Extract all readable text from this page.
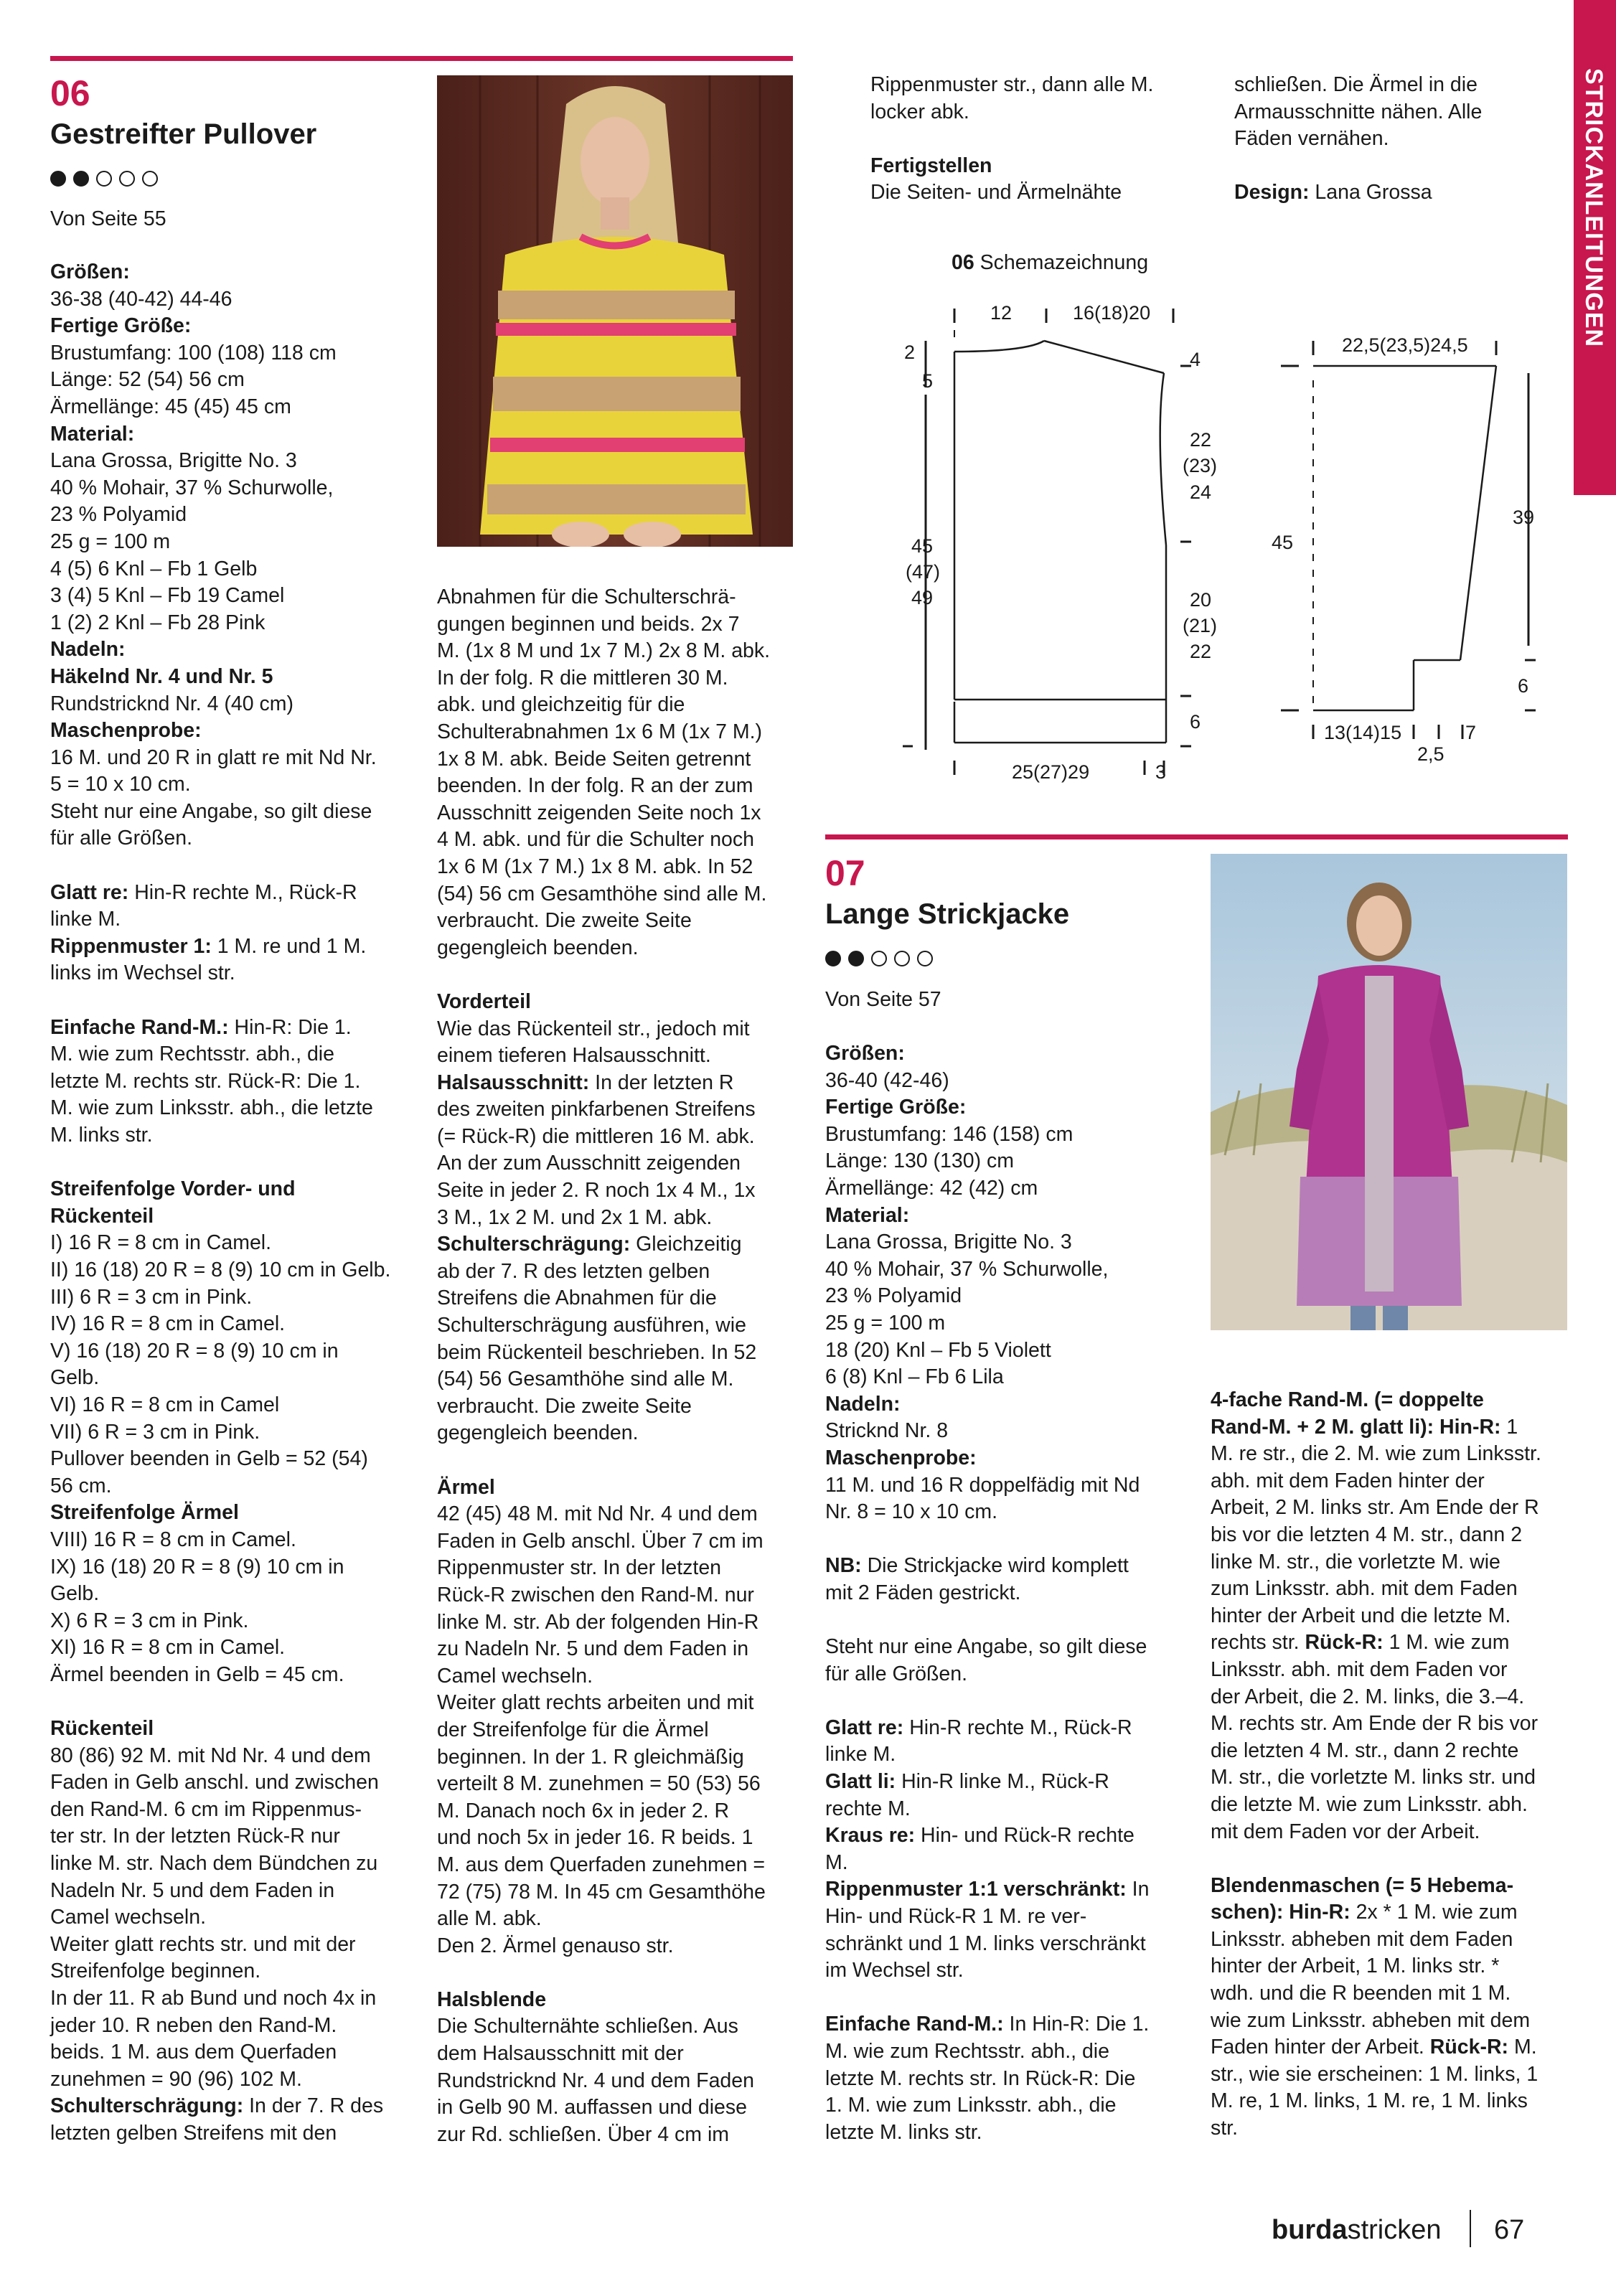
STRICKANLEITUNGEN
06
Gestreifter Pullover
Von Seite 55

Größen:

36-38 (40-42) 44-46

Fertige Größe:

Brustumfang: 100 (108) 118 cm

Länge: 52 (54) 56 cm

Ärmellänge: 45 (45) 45 cm

Material:

Lana Grossa, Brigitte No. 3

40 % Mohair, 37 % Schurwolle,

23 % Polyamid

25 g = 100 m

4 (5) 6 Knl – Fb 1 Gelb

3 (4) 5 Knl – Fb 19 Camel

1 (2) 2 Knl – Fb 28 Pink

Nadeln:

Häkelnd Nr. 4 und Nr. 5

Rundstricknd Nr. 4 (40 cm)

Maschenprobe:

16 M. und 20 R in glatt re mit Nd Nr.

5 = 10 x 10 cm.

Steht nur eine Angabe, so gilt diese

für alle Größen.

Glatt re: Hin-R rechte M., Rück-R

linke M.

Rippenmuster 1: 1 M. re und 1 M.

links im Wechsel str.

Einfache Rand-M.: Hin-R: Die 1.

M. wie zum Rechtsstr. abh., die

letzte M. rechts str. Rück-R: Die 1.

M. wie zum Linksstr. abh., die letzte

M. links str.

Streifenfolge Vorder- und

Rückenteil

I) 16 R = 8 cm in Camel.

II) 16 (18) 20 R = 8 (9) 10 cm in Gelb.

III) 6 R = 3 cm in Pink.

IV) 16 R = 8 cm in Camel.

V) 16 (18) 20 R = 8 (9) 10 cm in

Gelb.

VI) 16 R = 8 cm in Camel

VII) 6 R = 3 cm in Pink.

Pullover beenden in Gelb = 52 (54)

56 cm.

Streifenfolge Ärmel

VIII) 16 R = 8 cm in Camel.

IX) 16 (18) 20 R = 8 (9) 10 cm in

Gelb.

X) 6 R = 3 cm in Pink.

XI) 16 R = 8 cm in Camel.

Ärmel beenden in Gelb = 45 cm.

Rückenteil

80 (86) 92 M. mit Nd Nr. 4 und dem

Faden in Gelb anschl. und zwischen

den Rand-M. 6 cm im Rippenmus-

ter str. In der letzten Rück-R nur

linke M. str. Nach dem Bündchen zu

Nadeln Nr. 5 und dem Faden in

Camel wechseln.

Weiter glatt rechts str. und mit der

Streifenfolge beginnen.

In der 11. R ab Bund und noch 4x in

jeder 10. R neben den Rand-M.

beids. 1 M. aus dem Querfaden

zunehmen = 90 (96) 102 M.

Schulterschrägung: In der 7. R des

letzten gelben Streifens mit den

Abnahmen für die Schulterschrä-

gungen beginnen und beids. 2x 7

M. (1x 8 M und 1x 7 M.) 2x 8 M. abk.

In der folg. R die mittleren 30 M.

abk. und gleichzeitig für die

Schulterabnahmen 1x 6 M (1x 7 M.)

1x 8 M. abk. Beide Seiten getrennt

beenden. In der folg. R an der zum

Ausschnitt zeigenden Seite noch 1x

4 M. abk. und für die Schulter noch

1x 6 M (1x 7 M.) 1x 8 M. abk. In 52

(54) 56 cm Gesamthöhe sind alle M.

verbraucht. Die zweite Seite

gegengleich beenden.

Vorderteil

Wie das Rückenteil str., jedoch mit

einem tieferen Halsausschnitt.

Halsausschnitt: In der letzten R

des zweiten pinkfarbenen Streifens

(= Rück-R) die mittleren 16 M. abk.

An der zum Ausschnitt zeigenden

Seite in jeder 2. R noch 1x 4 M., 1x

3 M., 1x 2 M. und 2x 1 M. abk.

Schulterschrägung: Gleichzeitig

ab der 7. R des letzten gelben

Streifens die Abnahmen für die

Schulterschrägung ausführen, wie

beim Rückenteil beschrieben. In 52

(54) 56 Gesamthöhe sind alle M.

verbraucht. Die zweite Seite

gegengleich beenden.

Ärmel

42 (45) 48 M. mit Nd Nr. 4 und dem

Faden in Gelb anschl. Über 7 cm im

Rippenmuster str. In der letzten

Rück-R zwischen den Rand-M. nur

linke M. str. Ab der folgenden Hin-R

zu Nadeln Nr. 5 und dem Faden in

Camel wechseln.

Weiter glatt rechts arbeiten und mit

der Streifenfolge für die Ärmel

beginnen. In der 1. R gleichmäßig

verteilt 8 M. zunehmen = 50 (53) 56

M. Danach noch 6x in jeder 2. R

und noch 5x in jeder 16. R beids. 1

M. aus dem Querfaden zunehmen =

72 (75) 78 M. In 45 cm Gesamthöhe

alle M. abk.

Den 2. Ärmel genauso str.

Halsblende

Die Schulternähte schließen. Aus

dem Halsausschnitt mit der

Rundstricknd Nr. 4 und dem Faden

in Gelb 90 M. auffassen und diese

zur Rd. schließen. Über 4 cm im

Rippenmuster str., dann alle M.

locker abk.

Fertigstellen

Die Seiten- und Ärmelnähte

schließen. Die Ärmel in die

Armausschnitte nähen. Alle

Fäden vernähen.

Design: Lana Grossa

06 Schemazeichnung
12	16(18)20
2
5
4
22
(23)
24
45
(47)
49	20
(21)
22
6
25(27)29	3
22,5(23,5)24,5
45
39
6
13(14)15	7
2,5
07
Lange Strickjacke
Von Seite 57

Größen:

36-40 (42-46)

Fertige Größe:

Brustumfang: 146 (158) cm

Länge: 130 (130) cm

Ärmellänge: 42 (42) cm

Material:

Lana Grossa, Brigitte No. 3

40 % Mohair, 37 % Schurwolle,

23 % Polyamid

25 g = 100 m

18 (20) Knl – Fb 5 Violett

6 (8) Knl – Fb 6 Lila

Nadeln:

Stricknd Nr. 8

Maschenprobe:

11 M. und 16 R doppelfädig mit Nd

Nr. 8 = 10 x 10 cm.

NB: Die Strickjacke wird komplett

mit 2 Fäden gestrickt.

Steht nur eine Angabe, so gilt diese

für alle Größen.

Glatt re: Hin-R rechte M., Rück-R

linke M.

Glatt li: Hin-R linke M., Rück-R

rechte M.

Kraus re: Hin- und Rück-R rechte

M.

Rippenmuster 1:1 verschränkt: In

Hin- und Rück-R 1 M. re ver-

schränkt und 1 M. links verschränkt

im Wechsel str.

Einfache Rand-M.: In Hin-R: Die 1.

M. wie zum Rechtsstr. abh., die

letzte M. rechts str. In Rück-R: Die

1. M. wie zum Linksstr. abh., die

letzte M. links str.

4-fache Rand-M. (= doppelte

Rand-M. + 2 M. glatt li): Hin-R: 1

M. re str., die 2. M. wie zum Linksstr.

abh. mit dem Faden hinter der

Arbeit, 2 M. links str. Am Ende der R

bis vor die letzten 4 M. str., dann 2

linke M. str., die vorletzte M. wie

zum Linksstr. abh. mit dem Faden

hinter der Arbeit und die letzte M.

rechts str. Rück-R: 1 M. wie zum

Linksstr. abh. mit dem Faden vor

der Arbeit, die 2. M. links, die 3.–4.

M. rechts str. Am Ende der R bis vor

die letzten 4 M. str., dann 2 rechte

M. str., die vorletzte M. links str. und

die letzte M. wie zum Linksstr. abh.

mit dem Faden vor der Arbeit.

Blendenmaschen (= 5 Hebema-

schen): Hin-R: 2x * 1 M. wie zum

Linksstr. abheben mit dem Faden

hinter der Arbeit, 1 M. links str. *

wdh. und die R beenden mit 1 M.

wie zum Linksstr. abheben mit dem

Faden hinter der Arbeit. Rück-R: M.

str., wie sie erscheinen: 1 M. links, 1

M. re, 1 M. links, 1 M. re, 1 M. links

str.

burdastricken 67
